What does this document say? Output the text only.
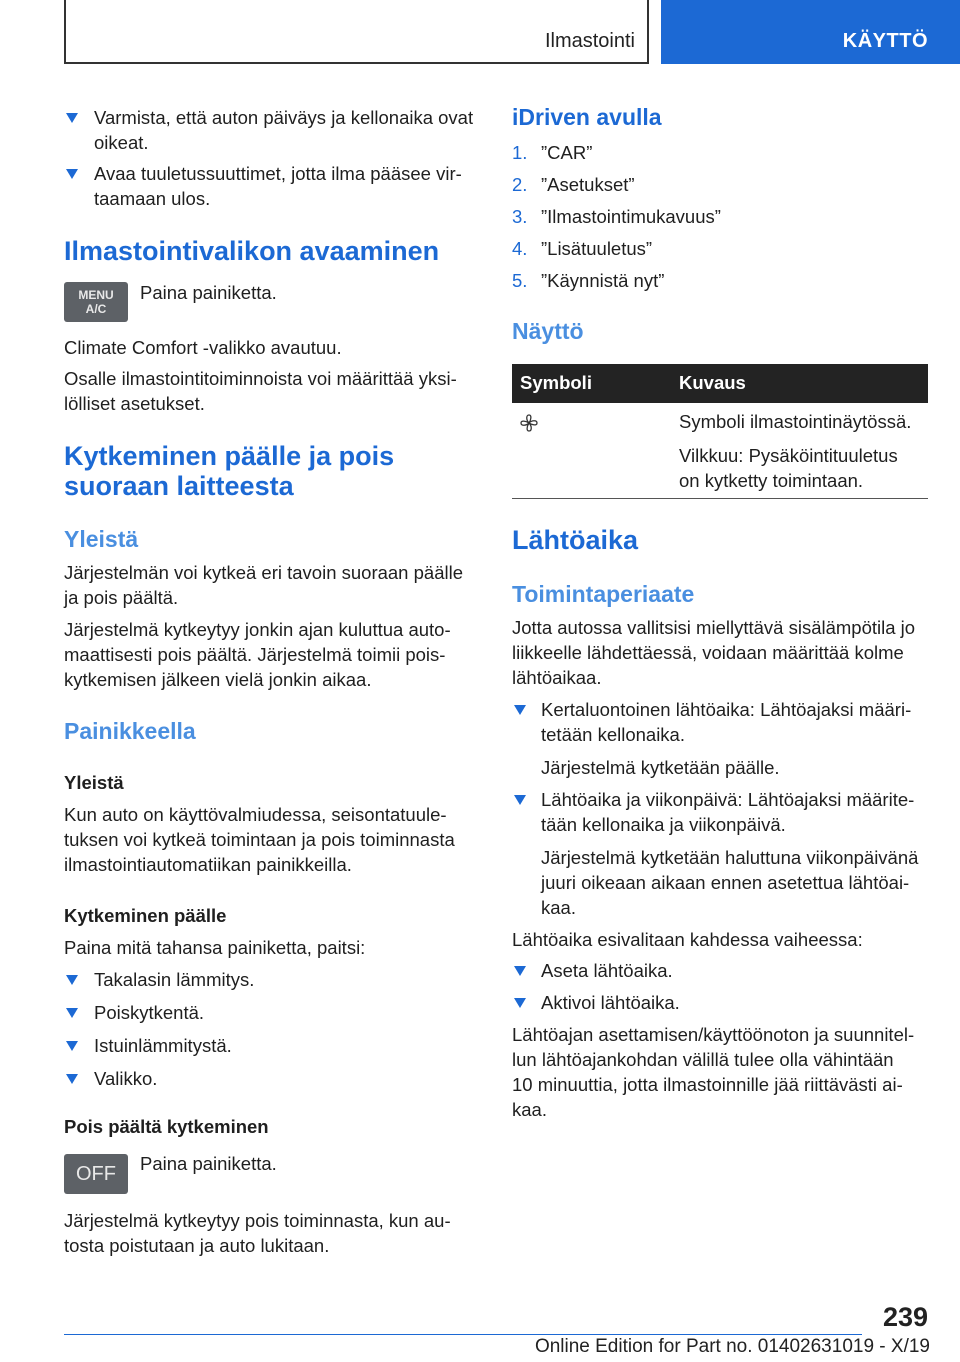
Ilmastointi	KÄYTTÖ
Varmista, että auton päiväys ja kellonaika ovat
oikeat.
Avaa tuuletussuuttimet, jotta ilma pääsee vir-
taamaan ulos.
Ilmastointivalikon avaaminen
MENU
A/C
Paina painiketta.
Climate Comfort -valikko avautuu.
Osalle ilmastointitoiminnoista voi määrittää yksi-
lölliset asetukset.
Kytkeminen päälle ja pois
suoraan laitteesta
Yleistä
Järjestelmän voi kytkeä eri tavoin suoraan päälle
ja pois päältä.
Järjestelmä kytkeytyy jonkin ajan kuluttua auto-
maattisesti pois päältä. Järjestelmä toimii pois-
kytkemisen jälkeen vielä jonkin aikaa.
Painikkeella
Yleistä
Kun auto on käyttövalmiudessa, seisontatuule-
tuksen voi kytkeä toimintaan ja pois toiminnasta
ilmastointiautomatiikan painikkeilla.
Kytkeminen päälle
Paina mitä tahansa painiketta, paitsi:
Takalasin lämmitys.
Poiskytkentä.
Istuinlämmitystä.
Valikko.
Pois päältä kytkeminen
OFF	Paina painiketta.
Järjestelmä kytkeytyy pois toiminnasta, kun au-
tosta poistutaan ja auto lukitaan.
iDriven avulla
1. ”CAR”
2. ”Asetukset”
3. ”Ilmastointimukavuus”
4. ”Lisätuuletus”
5. ”Käynnistä nyt”
Näyttö
Symboli	Kuvaus
Symboli ilmastointinäytössä.
Vilkkuu: Pysäköintituuletus
on kytketty toimintaan.
Lähtöaika
Toimintaperiaate
Jotta autossa vallitsisi miellyttävä sisälämpötila jo
liikkeelle lähdettäessä, voidaan määrittää kolme
lähtöaikaa.
Kertaluontoinen lähtöaika: Lähtöajaksi määri-
tetään kellonaika.
Järjestelmä kytketään päälle.
Lähtöaika ja viikonpäivä: Lähtöajaksi määrite-
tään kellonaika ja viikonpäivä.
Järjestelmä kytketään haluttuna viikonpäivänä
juuri oikeaan aikaan ennen asetettua lähtöai-
kaa.
Lähtöaika esivalitaan kahdessa vaiheessa:
Aseta lähtöaika.
Aktivoi lähtöaika.
Lähtöajan asettamisen/käyttöönoton ja suunnitel-
lun lähtöajankohdan välillä tulee olla vähintään
10 minuuttia, jotta ilmastoinnille jää riittävästi ai-
kaa.
239
Online Edition for Part no. 01402631019 - X/19
